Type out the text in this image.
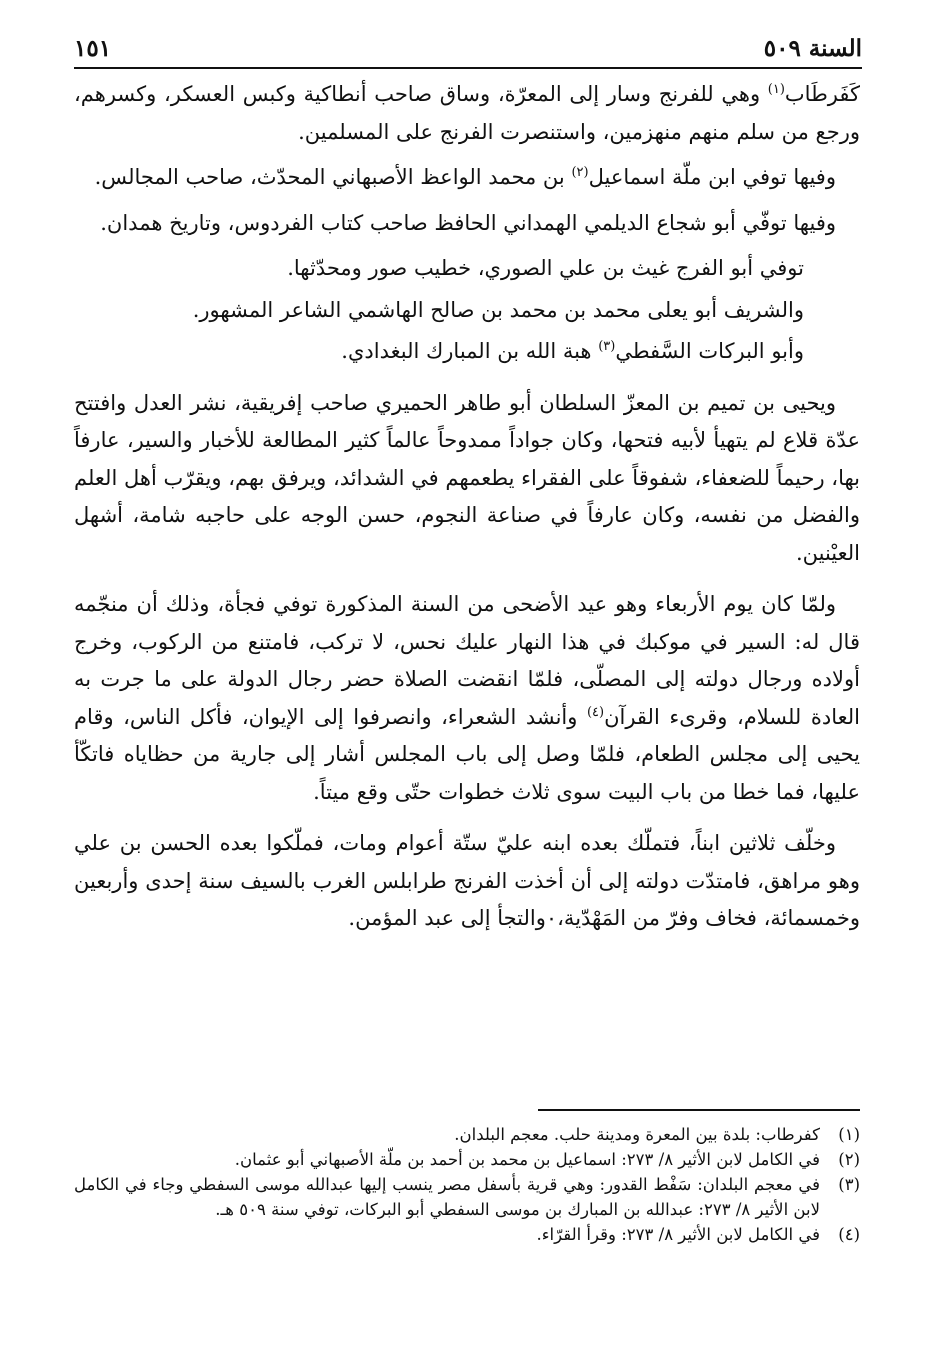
السنة ٥٠٩
١٥١

كَفَرطَاب$^{(١)}$ وهي للفرنج وسار إلى المعرّة، وساق صاحب أنطاكية وكبس العسكر، وكسرهم، ورجع من سلم منهم منهزمين، واستنصرت الفرنج على المسلمين.

وفيها توفي ابن ملّة اسماعيل$^{(٢)}$ بن محمد الواعظ الأصبهاني المحدّث، صاحب المجالس.

وفيها توفّي أبو شجاع الديلمي الهمداني الحافظ صاحب كتاب الفردوس، وتاريخ همدان.

توفي أبو الفرج غيث بن علي الصوري، خطيب صور ومحدّثها.

والشريف أبو يعلى محمد بن محمد بن صالح الهاشمي الشاعر المشهور.

وأبو البركات السَّفطي$^{(٣)}$ هبة الله بن المبارك البغدادي.

ويحيى بن تميم بن المعزّ السلطان أبو طاهر الحميري صاحب إفريقية، نشر العدل وافتتح عدّة قلاع لم يتهيأ لأبيه فتحها، وكان جواداً ممدوحاً عالماً كثير المطالعة للأخبار والسير، عارفاً بها، رحيماً للضعفاء، شفوقاً على الفقراء يطعمهم في الشدائد، ويرفق بهم، ويقرّب أهل العلم والفضل من نفسه، وكان عارفاً في صناعة النجوم، حسن الوجه على حاجبه شامة، أشهل العيْنين.

ولمّا كان يوم الأربعاء وهو عيد الأضحى من السنة المذكورة توفي فجأة، وذلك أن منجّمه قال له: السير في موكبك في هذا النهار عليك نحس، لا تركب، فامتنع من الركوب، وخرج أولاده ورجال دولته إلى المصلّى، فلمّا انقضت الصلاة حضر رجال الدولة على ما جرت به العادة للسلام، وقرىء القرآن$^{(٤)}$ وأنشد الشعراء، وانصرفوا إلى الإيوان، فأكل الناس، وقام يحيى إلى مجلس الطعام، فلمّا وصل إلى باب المجلس أشار إلى جارية من حظاياه فاتكّأ عليها، فما خطا من باب البيت سوى ثلاث خطوات حتّى وقع ميتاً.

وخلّف ثلاثين ابناً، فتملّك بعده ابنه عليّ ستّة أعوام ومات، فملّكوا بعده الحسن بن علي وهو مراهق، فامتدّت دولته إلى أن أخذت الفرنج طرابلس الغرب بالسيف سنة إحدى وأربعين وخمسمائة، فخاف وفرّ من المَهْدّية،٠والتجأ إلى عبد المؤمن.

(١)
كفرطاب: بلدة بين المعرة ومدينة حلب. معجم البلدان.
(٢)
في الكامل لابن الأثير ٨/ ٢٧٣: اسماعيل بن محمد بن أحمد بن ملّة الأصبهاني أبو عثمان.
(٣)
في معجم البلدان: سَفْط القدور: وهي قرية بأسفل مصر ينسب إليها عبدالله موسى السفطي وجاء في الكامل لابن الأثير ٨/ ٢٧٣: عبدالله بن المبارك بن موسى السفطي أبو البركات، توفي سنة ٥٠٩ هـ.
(٤)
في الكامل لابن الأثير ٨/ ٢٧٣: وقرأ القرّاء.
